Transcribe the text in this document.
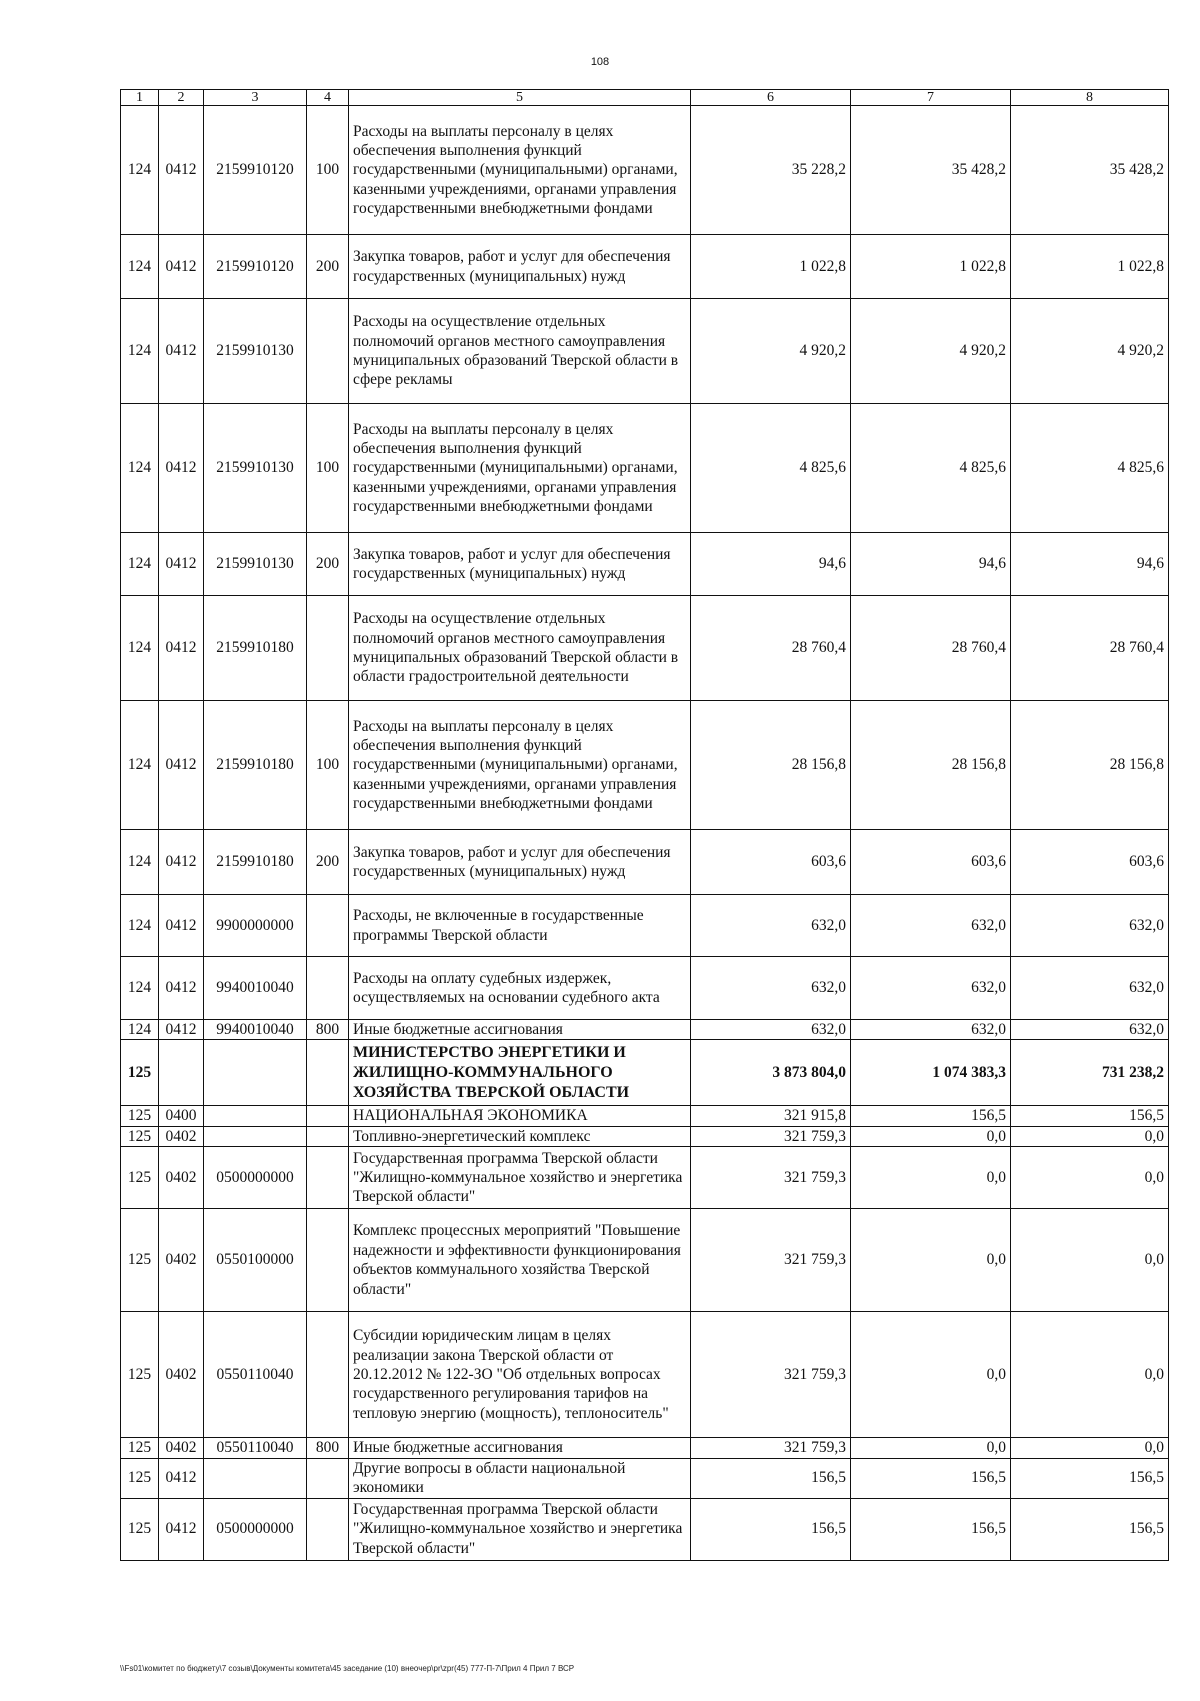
108
1	2	3	4	5	6	7	8
124	0412	2159910120	100	Расходы на выплаты персоналу в целях обеспечения выполнения функций государственными (муниципальными) органами, казенными учреждениями, органами управления государственными внебюджетными фондами	35 228,2	35 428,2	35 428,2
124	0412	2159910120	200	Закупка товаров, работ и услуг для обеспечения государственных (муниципальных) нужд	1 022,8	1 022,8	1 022,8
124	0412	2159910130		Расходы на осуществление отдельных полномочий органов местного самоуправления муниципальных образований Тверской области в сфере рекламы	4 920,2	4 920,2	4 920,2
124	0412	2159910130	100	Расходы на выплаты персоналу в целях обеспечения выполнения функций государственными (муниципальными) органами, казенными учреждениями, органами управления государственными внебюджетными фондами	4 825,6	4 825,6	4 825,6
124	0412	2159910130	200	Закупка товаров, работ и услуг для обеспечения государственных (муниципальных) нужд	94,6	94,6	94,6
124	0412	2159910180		Расходы на осуществление отдельных полномочий органов местного самоуправления муниципальных образований Тверской области в области градостроительной деятельности	28 760,4	28 760,4	28 760,4
124	0412	2159910180	100	Расходы на выплаты персоналу в целях обеспечения выполнения функций государственными (муниципальными) органами, казенными учреждениями, органами управления государственными внебюджетными фондами	28 156,8	28 156,8	28 156,8
124	0412	2159910180	200	Закупка товаров, работ и услуг для обеспечения государственных (муниципальных) нужд	603,6	603,6	603,6
124	0412	9900000000		Расходы, не включенные в государственные программы Тверской области	632,0	632,0	632,0
124	0412	9940010040		Расходы на оплату судебных издержек, осуществляемых на основании судебного акта	632,0	632,0	632,0
124	0412	9940010040	800	Иные бюджетные ассигнования	632,0	632,0	632,0
125				МИНИСТЕРСТВО ЭНЕРГЕТИКИ И ЖИЛИЩНО-КОММУНАЛЬНОГО ХОЗЯЙСТВА ТВЕРСКОЙ ОБЛАСТИ	3 873 804,0	1 074 383,3	731 238,2
125	0400			НАЦИОНАЛЬНАЯ ЭКОНОМИКА	321 915,8	156,5	156,5
125	0402			Топливно-энергетический комплекс	321 759,3	0,0	0,0
125	0402	0500000000		Государственная программа Тверской области "Жилищно-коммунальное хозяйство и энергетика Тверской области"	321 759,3	0,0	0,0
125	0402	0550100000		Комплекс процессных мероприятий "Повышение надежности и эффективности функционирования объектов коммунального хозяйства Тверской области"	321 759,3	0,0	0,0
125	0402	0550110040		Субсидии юридическим лицам в целях реализации закона Тверской области от 20.12.2012 № 122-ЗО "Об отдельных вопросах государственного регулирования тарифов на тепловую энергию (мощность), теплоноситель"	321 759,3	0,0	0,0
125	0402	0550110040	800	Иные бюджетные ассигнования	321 759,3	0,0	0,0
125	0412			Другие вопросы в области национальной экономики	156,5	156,5	156,5
125	0412	0500000000		Государственная программа Тверской области "Жилищно-коммунальное хозяйство и энергетика Тверской области"	156,5	156,5	156,5
\\Fs01\комитет по бюджету\7 созыв\Документы комитета\45 заседание (10) внеочер\pr\zpr(45) 777-П-7\Прил 4 Прил 7 ВСР
